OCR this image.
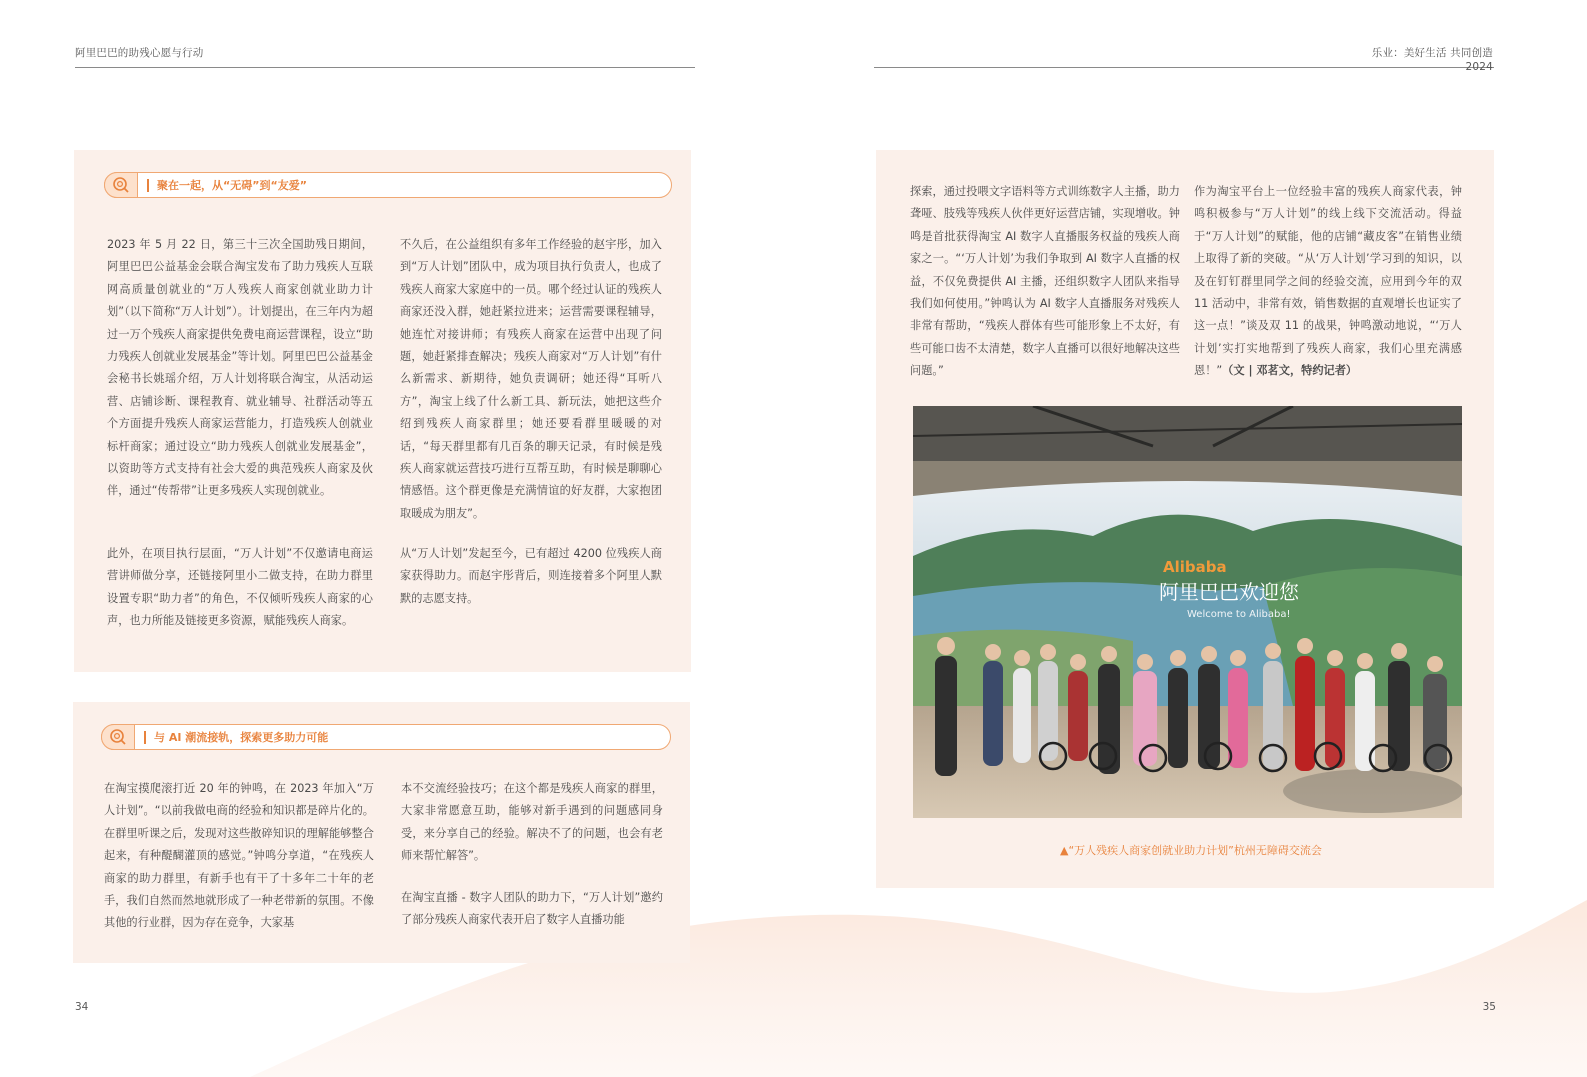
阿里巴巴的助残心愿与行动	乐业：美好生活 共同创造
2024
聚在一起，从“无碍”到“友爱”

2023 年 5 月 22 日，第三十三次全国助残日期间，阿里巴巴公益基金会联合淘宝发布了助力残疾人互联网高质量创就业的“万人残疾人商家创就业助力计划”（以下简称“万人计划”）。计划提出，在三年内为超过一万个残疾人商家提供免费电商运营课程，设立“助力残疾人创就业发展基金”等计划。阿里巴巴公益基金会秘书长姚瑶介绍，万人计划将联合淘宝，从活动运营、店铺诊断、课程教育、就业辅导、社群活动等五个方面提升残疾人商家运营能力，打造残疾人创就业标杆商家；通过设立“助力残疾人创就业发展基金”，以资助等方式支持有社会大爱的典范残疾人商家及伙伴，通过“传帮带”让更多残疾人实现创就业。

此外，在项目执行层面，“万人计划”不仅邀请电商运营讲师做分享，还链接阿里小二做支持，在助力群里设置专职“助力者”的角色，不仅倾听残疾人商家的心声，也力所能及链接更多资源，赋能残疾人商家。

不久后，在公益组织有多年工作经验的赵宇彤，加入到“万人计划”团队中，成为项目执行负责人，也成了残疾人商家大家庭中的一员。哪个经过认证的残疾人商家还没入群，她赶紧拉进来；运营需要课程辅导，她连忙对接讲师；有残疾人商家在运营中出现了问题，她赶紧排查解决；残疾人商家对“万人计划”有什么新需求、新期待，她负责调研；她还得“耳听八方”，淘宝上线了什么新工具、新玩法，她把这些介绍到残疾人商家群里；她还要看群里暖暖的对话，“每天群里都有几百条的聊天记录，有时候是残疾人商家就运营技巧进行互帮互助，有时候是聊聊心情感悟。这个群更像是充满情谊的好友群，大家抱团取暖成为朋友”。

从“万人计划”发起至今，已有超过 4200 位残疾人商家获得助力。而赵宇彤背后，则连接着多个阿里人默默的志愿支持。

与 AI 潮流接轨，探索更多助力可能

在淘宝摸爬滚打近 20 年的钟鸣，在 2023 年加入“万人计划”。“以前我做电商的经验和知识都是碎片化的。在群里听课之后，发现对这些散碎知识的理解能够整合起来，有种醍醐灌顶的感觉。”钟鸣分享道，“在残疾人商家的助力群里，有新手也有干了十多年二十年的老手，我们自然而然地就形成了一种老带新的氛围。不像其他的行业群，因为存在竞争，大家基

本不交流经验技巧；在这个都是残疾人商家的群里，大家非常愿意互助，能够对新手遇到的问题感同身受，来分享自己的经验。解决不了的问题，也会有老师来帮忙解答”。

在淘宝直播 - 数字人团队的助力下，“万人计划”邀约了部分残疾人商家代表开启了数字人直播功能

探索，通过投喂文字语料等方式训练数字人主播，助力聋哑、肢残等残疾人伙伴更好运营店铺，实现增收。钟鸣是首批获得淘宝 AI 数字人直播服务权益的残疾人商家之一。“‘万人计划’为我们争取到 AI 数字人直播的权益，不仅免费提供 AI 主播，还组织数字人团队来指导我们如何使用。”钟鸣认为 AI 数字人直播服务对残疾人非常有帮助，“残疾人群体有些可能形象上不太好，有些可能口齿不太清楚，数字人直播可以很好地解决这些问题。”

作为淘宝平台上一位经验丰富的残疾人商家代表，钟鸣积极参与“万人计划”的线上线下交流活动。得益于“万人计划”的赋能，他的店铺“藏皮客”在销售业绩上取得了新的突破。“从‘万人计划’学习到的知识，以及在钉钉群里同学之间的经验交流，应用到今年的双 11 活动中，非常有效，销售数据的直观增长也证实了这一点！”谈及双 11 的战果，钟鸣激动地说，“‘万人计划’实打实地帮到了残疾人商家，我们心里充满感恩！”（文 | 邓茗文，特约记者）

Alibaba
阿里巴巴欢迎您
Welcome to Alibaba!
▲“万人残疾人商家创就业助力计划”杭州无障碍交流会
34	35
